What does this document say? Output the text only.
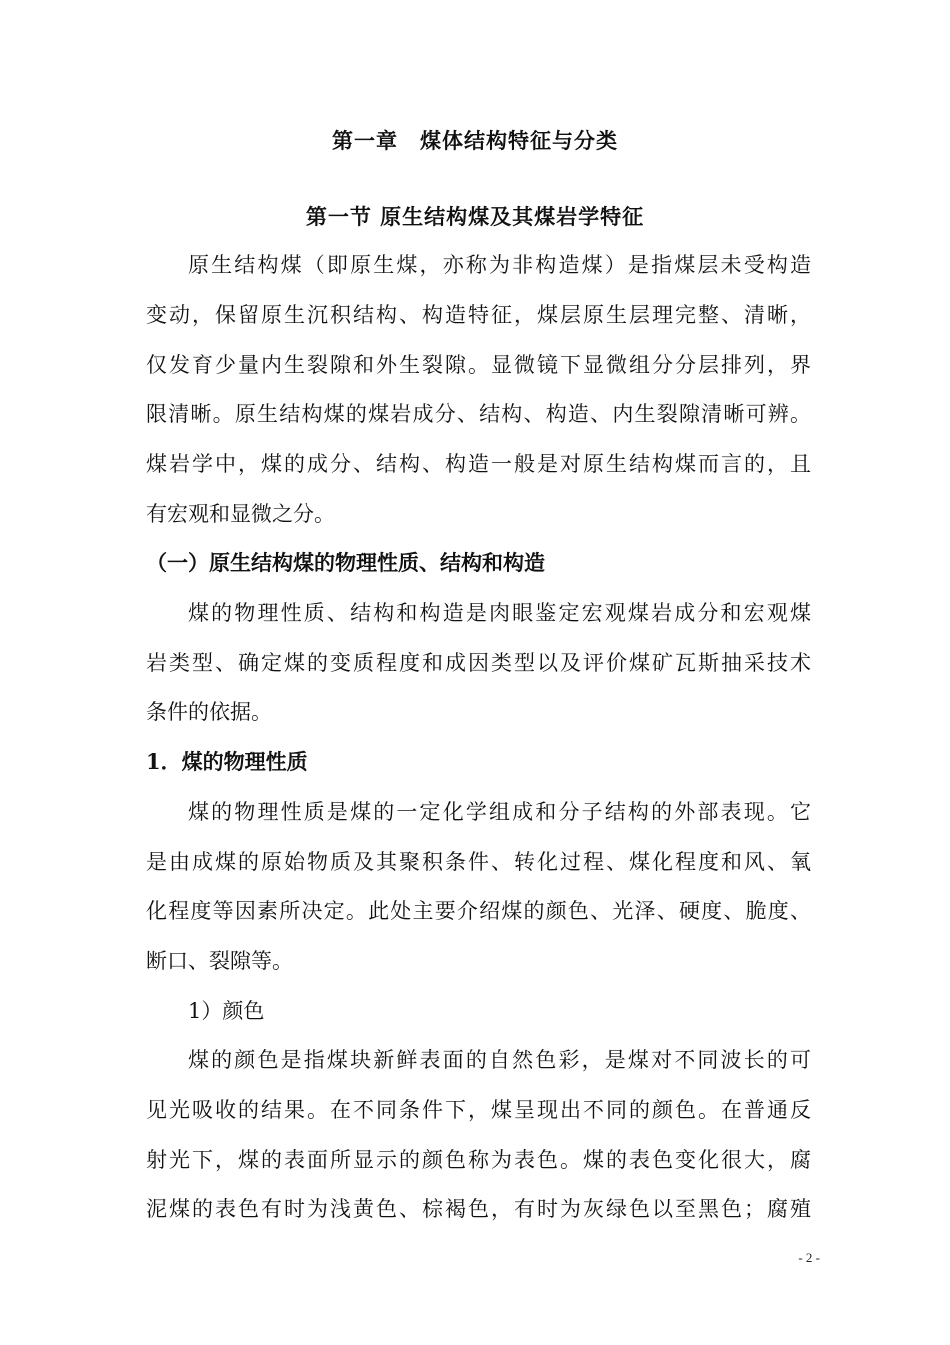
第一章　煤体结构特征与分类
第一节 原生结构煤及其煤岩学特征
原生结构煤（即原生煤，亦称为非构造煤）是指煤层未受构造
变动，保留原生沉积结构、构造特征，煤层原生层理完整、清晰，
仅发育少量内生裂隙和外生裂隙。显微镜下显微组分分层排列，界
限清晰。原生结构煤的煤岩成分、结构、构造、内生裂隙清晰可辨。
煤岩学中，煤的成分、结构、构造一般是对原生结构煤而言的，且
有宏观和显微之分。
（一）原生结构煤的物理性质、结构和构造
煤的物理性质、结构和构造是肉眼鉴定宏观煤岩成分和宏观煤
岩类型、确定煤的变质程度和成因类型以及评价煤矿瓦斯抽采技术
条件的依据。
1．煤的物理性质
煤的物理性质是煤的一定化学组成和分子结构的外部表现。它
是由成煤的原始物质及其聚积条件、转化过程、煤化程度和风、氧
化程度等因素所决定。此处主要介绍煤的颜色、光泽、硬度、脆度、
断口、裂隙等。
1）颜色
煤的颜色是指煤块新鲜表面的自然色彩，是煤对不同波长的可
见光吸收的结果。在不同条件下，煤呈现出不同的颜色。在普通反
射光下，煤的表面所显示的颜色称为表色。煤的表色变化很大，腐
泥煤的表色有时为浅黄色、棕褐色，有时为灰绿色以至黑色；腐殖
- 2 -
